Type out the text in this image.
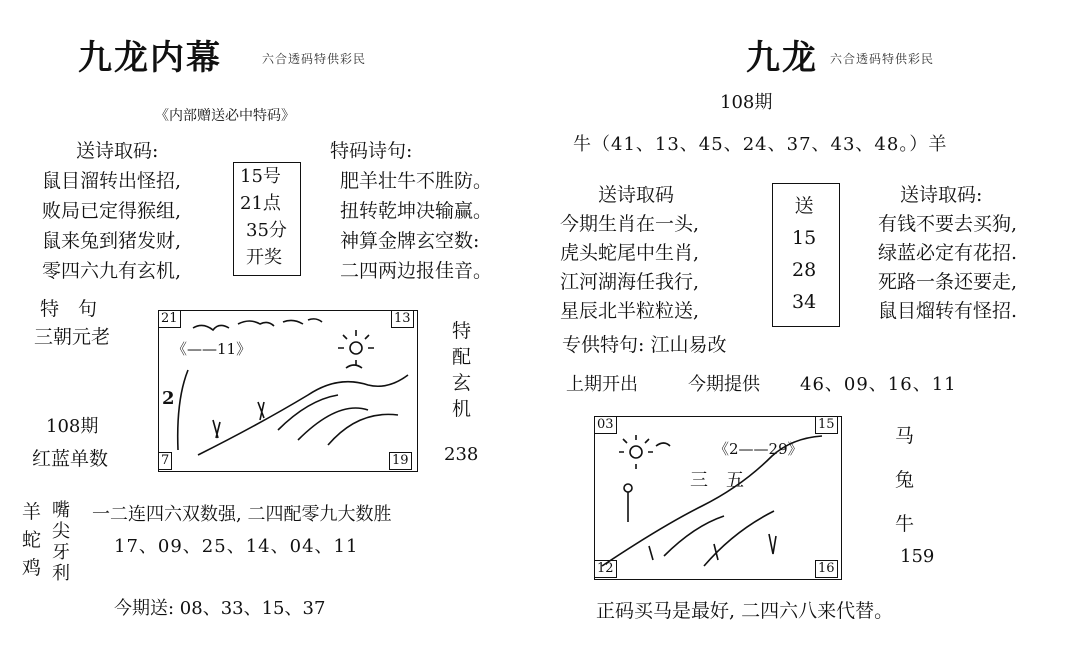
九龙内幕	六合透码特供彩民
《内部赠送必中特码》
送诗取码:
鼠目溜转出怪招,
败局已定得猴组,
鼠来兔到猪发财,
零四六九有玄机,
15号
21点
35分
开奖
特码诗句:
肥羊壮牛不胜防。
扭转乾坤决输赢。
神算金牌玄空数:
二四两边报佳音。
特　句
三朝元老
108期
红蓝单数
21	13
7	19
《——11》
2
特
配
玄
机
238
羊
蛇
鸡
嘴
尖
牙
利
一二连四六双数强, 二四配零九大数胜
17、09、25、14、04、11
今期送: 08、33、15、37
九龙 六合透码特供彩民
108期
牛（41、13、45、24、37、43、48。）羊
送诗取码
今期生肖在一头,
虎头蛇尾中生肖,
江河湖海任我行,
星辰北半粒粒送,
送
15
28
34
送诗取码:
有钱不要去买狗,
绿蓝必定有花招.
死路一条还要走,
鼠目熘转有怪招.
专供特句: 江山易改
上期开出	今期提供 46、09、16、11
03	15
12	16
《2——29》
三　五
马
兔
牛
159
正码买马是最好, 二四六八来代替。
